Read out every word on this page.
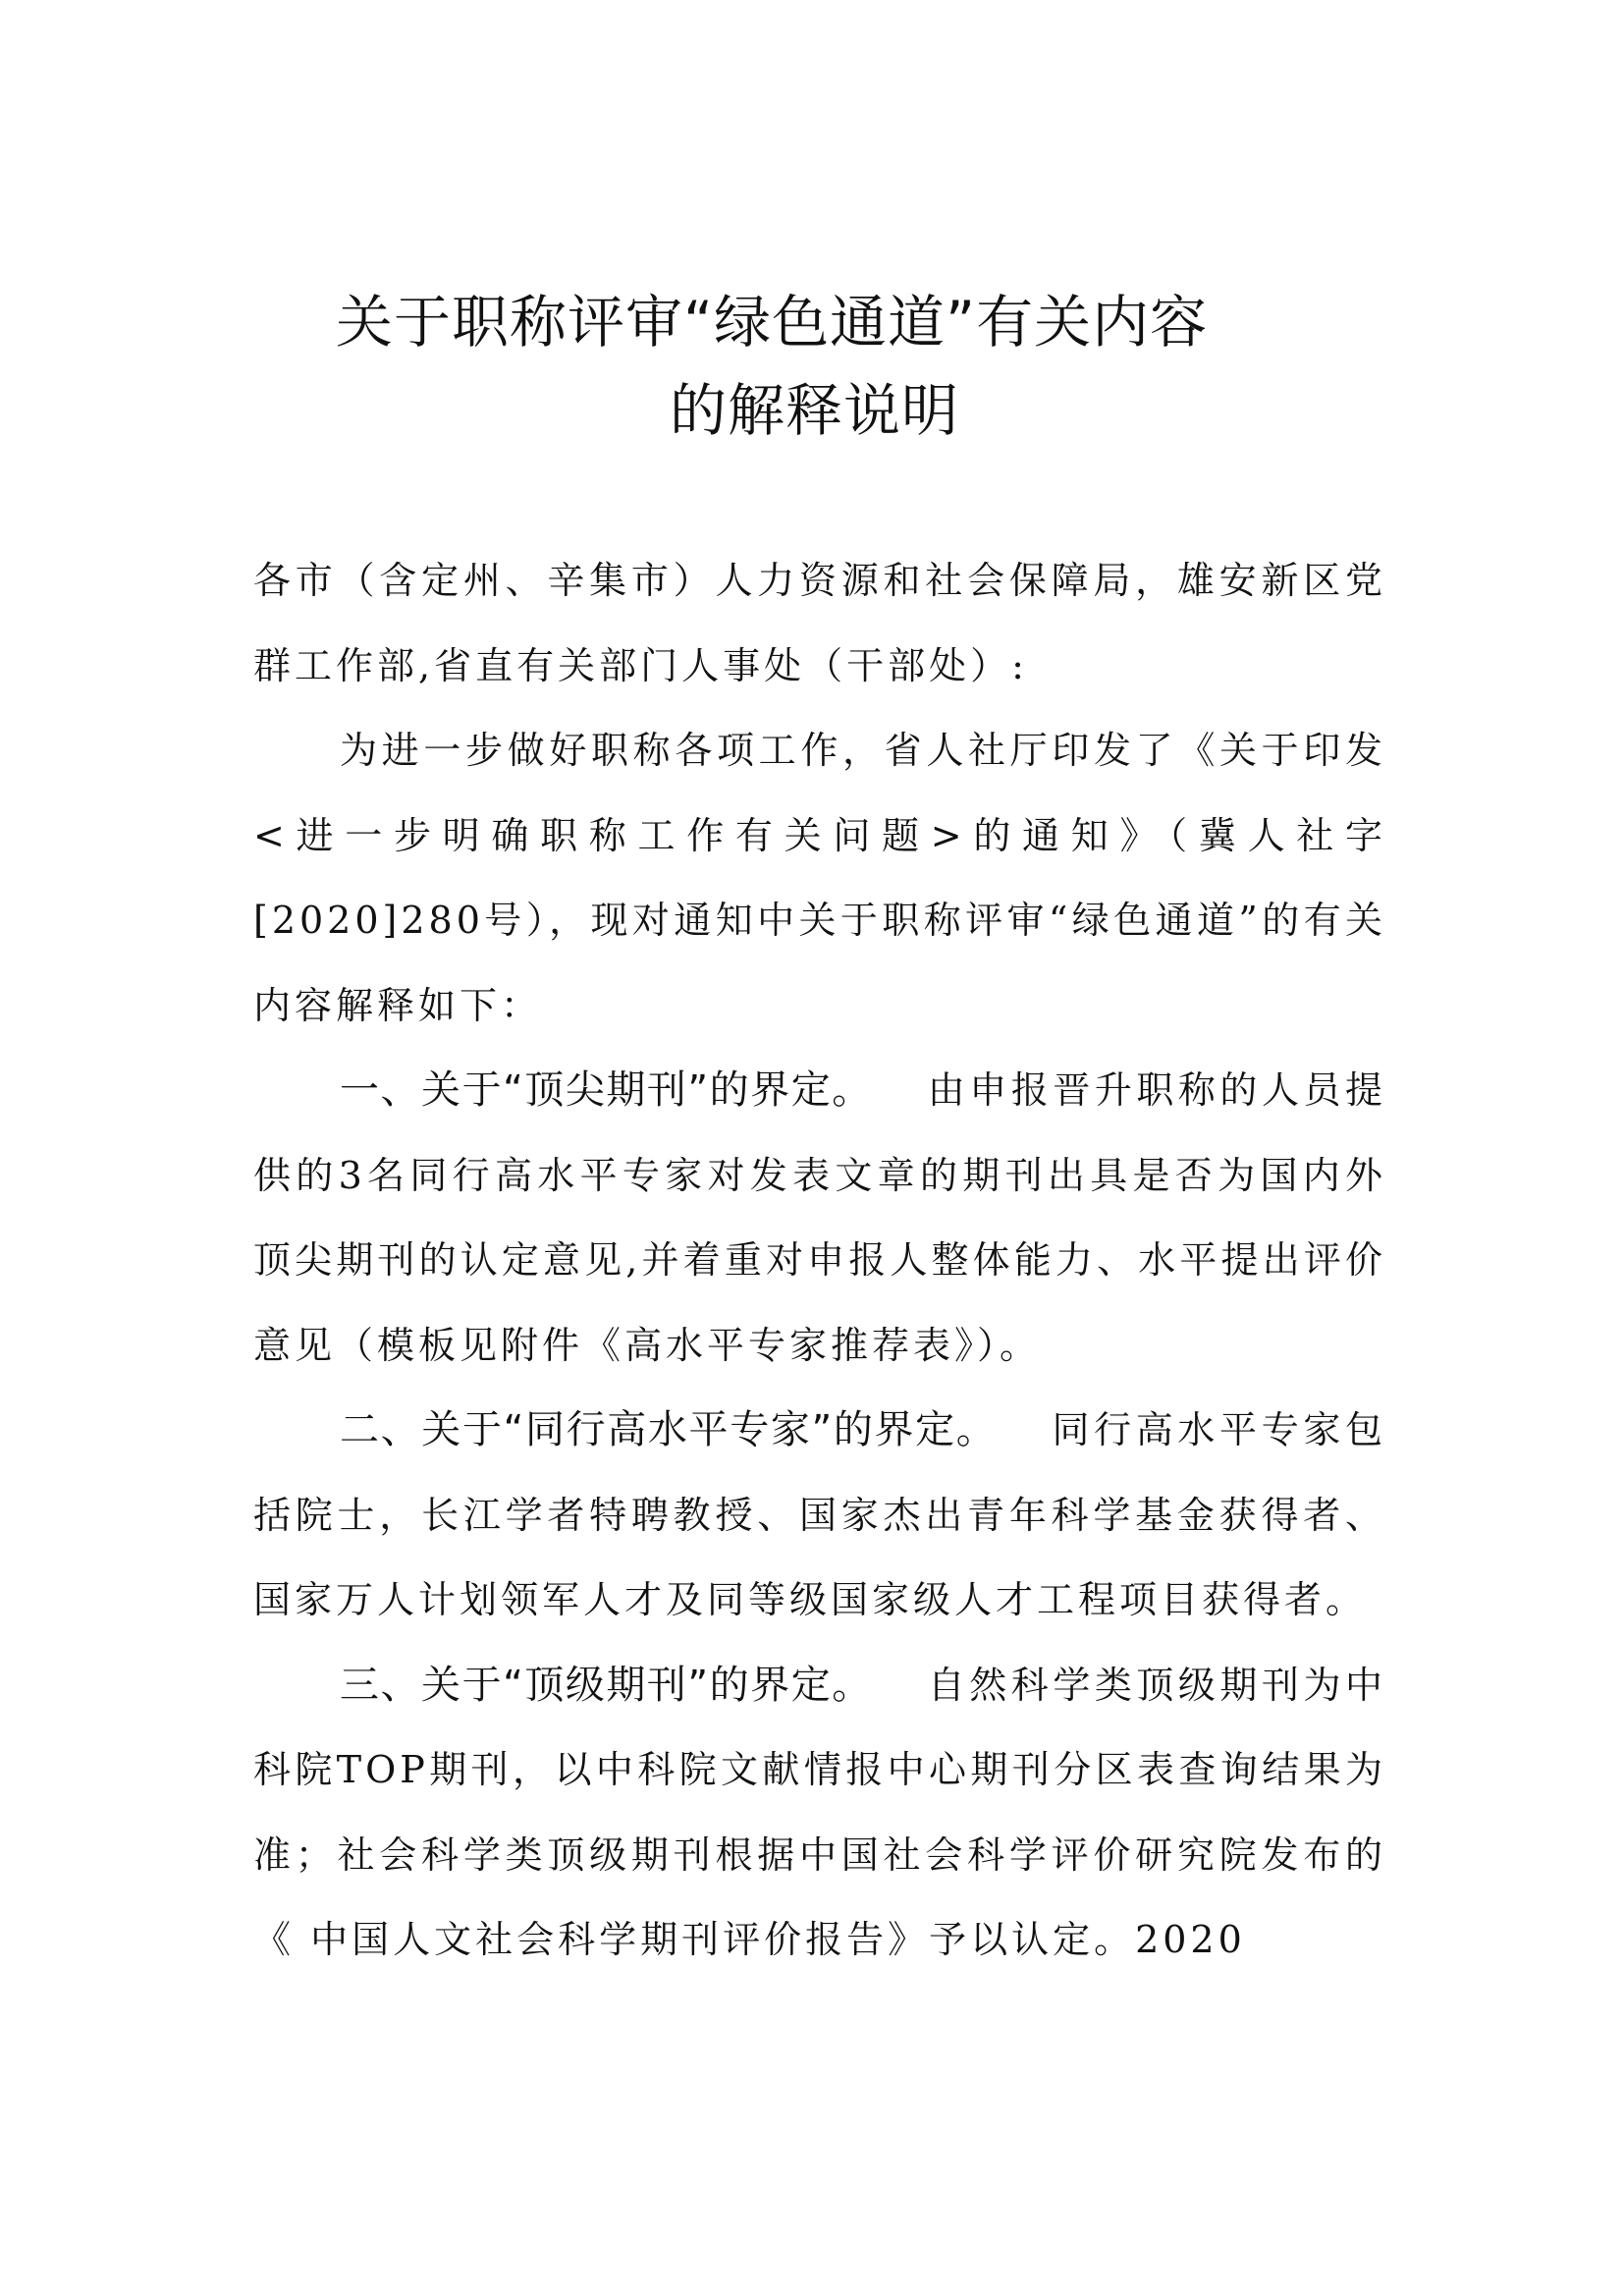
关于职称评审“绿色通道”有关内容
的解释说明

各市（含定州、辛集市）人力资源和社会保障局，雄安新区党群工作部,省直有关部门人事处（干部处）:

为进一步做好职称各项工作，省人社厅印发了《关于印发<进一步明确职称工作有关问题>的通知》（冀人社字[2020]280号），现对通知中关于职称评审“绿色通道”的有关内容解释如下：

一、关于“顶尖期刊”的界定。 由申报晋升职称的人员提供的3名同行高水平专家对发表文章的期刊出具是否为国内外顶尖期刊的认定意见,并着重对申报人整体能力、水平提出评价意见（模板见附件《高水平专家推荐表》）。

二、关于“同行高水平专家”的界定。 同行高水平专家包括院士，长江学者特聘教授、国家杰出青年科学基金获得者、国家万人计划领军人才及同等级国家级人才工程项目获得者。

三、关于“顶级期刊”的界定。 自然科学类顶级期刊为中科院TOP期刊，以中科院文献情报中心期刊分区表查询结果为准；社会科学类顶级期刊根据中国社会科学评价研究院发布的《 中国人文社会科学期刊评价报告》予以认定。2020
